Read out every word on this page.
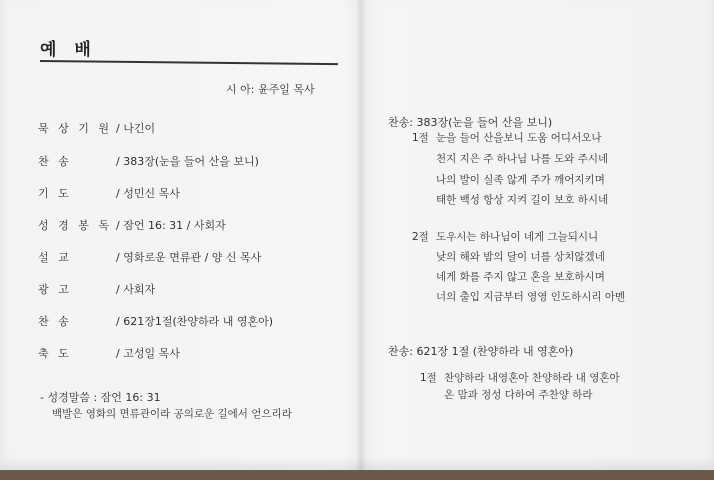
예 배
시 아: 윤주일 목사
묵 상 기 원 / 나긴이
찬 송	/ 383장(눈을 들어 산을 보니)
기 도	/ 성민신 목사
성 경 봉 독 / 잠언 16: 31 / 사회자
설 교	/ 영화로운 면류관 / 양 신 목사
광 고	/ 사회자
찬 송	/ 621장1절(찬양하라 내 영혼아)
축 도	/ 고성일 목사
- 성경말씀 : 잠언 16: 31
백발은 영화의 면류관이라 공의로운 길에서 얻으리라
찬송: 383장(눈을 들어 산을 보니)
1절 눈을 들어 산을보니 도움 어디서오나
천지 지은 주 하나님 나를 도와 주시네
나의 발이 실족 않게 주가 깨어지키며
태한 백성 항상 지켜 길이 보호 하시네
2절 도우시는 하나님이 네게 그늘되시니
낮의 해와 밤의 달이 너를 상치않겠네
네게 화를 주지 않고 혼을 보호하시며
너의 출입 지금부터 영영 인도하시리 아멘
찬송: 621장 1절 (찬양하라 내 영혼아)
1절 찬양하라 내영혼아 찬양하라 내 영혼아
온 맘과 정성 다하여 주찬양 하라
